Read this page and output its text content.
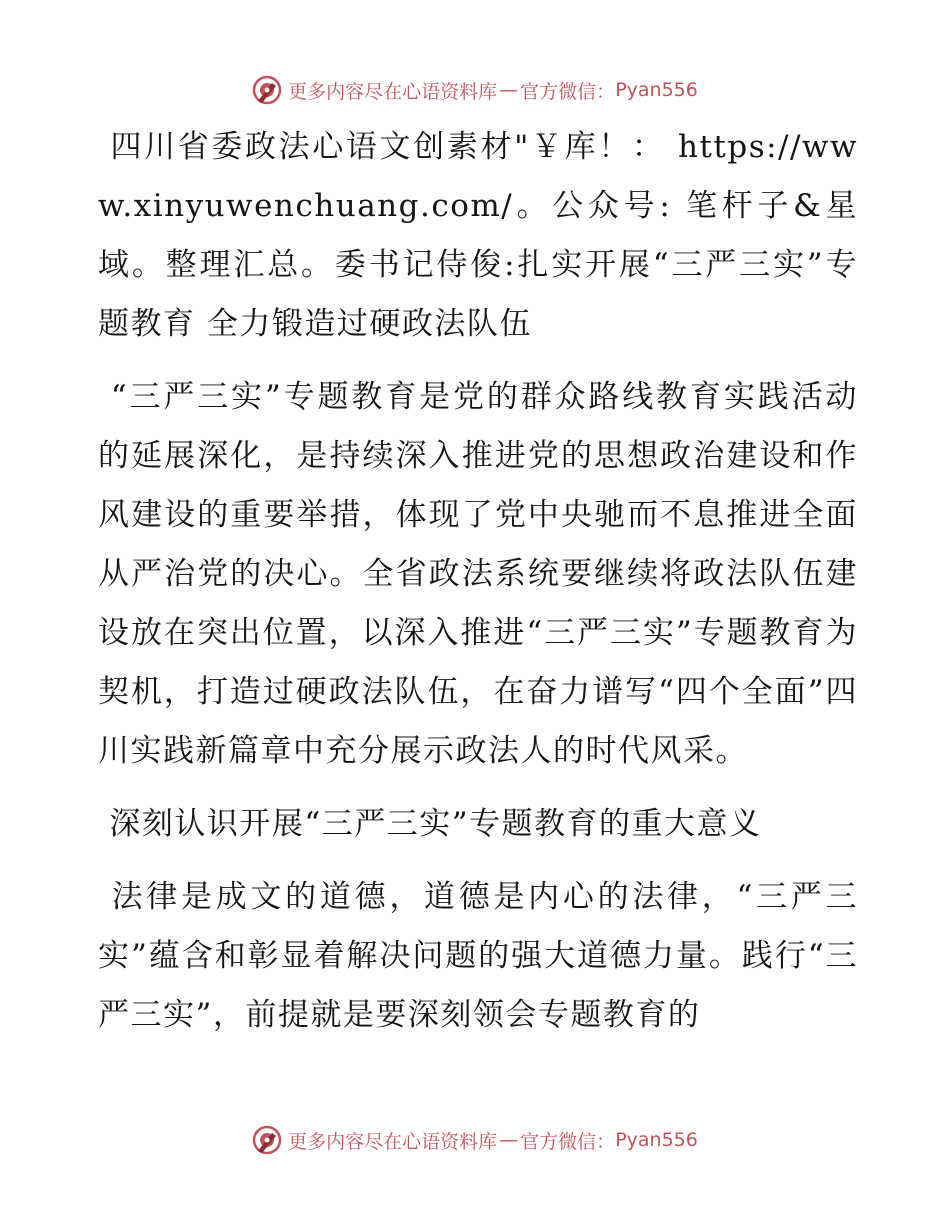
更多内容尽在心语资料库 — 官方微信： Pyan556

四川省委政法心语文创素材"￥库！： https://www.xinyuwenchuang.com/。公众号: 笔杆子&星域。整理汇总。委书记侍俊:扎实开展“三严三实”专题教育 全力锻造过硬政法队伍

“三严三实”专题教育是党的群众路线教育实践活动的延展深化，是持续深入推进党的思想政治建设和作风建设的重要举措，体现了党中央驰而不息推进全面从严治党的决心。全省政法系统要继续将政法队伍建设放在突出位置，以深入推进“三严三实”专题教育为契机，打造过硬政法队伍，在奋力谱写“四个全面”四川实践新篇章中充分展示政法人的时代风采。

深刻认识开展“三严三实”专题教育的重大意义

法律是成文的道德，道德是内心的法律，“三严三实”蕴含和彰显着解决问题的强大道德力量。践行“三严三实”，前提就是要深刻领会专题教育的

更多内容尽在心语资料库 — 官方微信： Pyan556
